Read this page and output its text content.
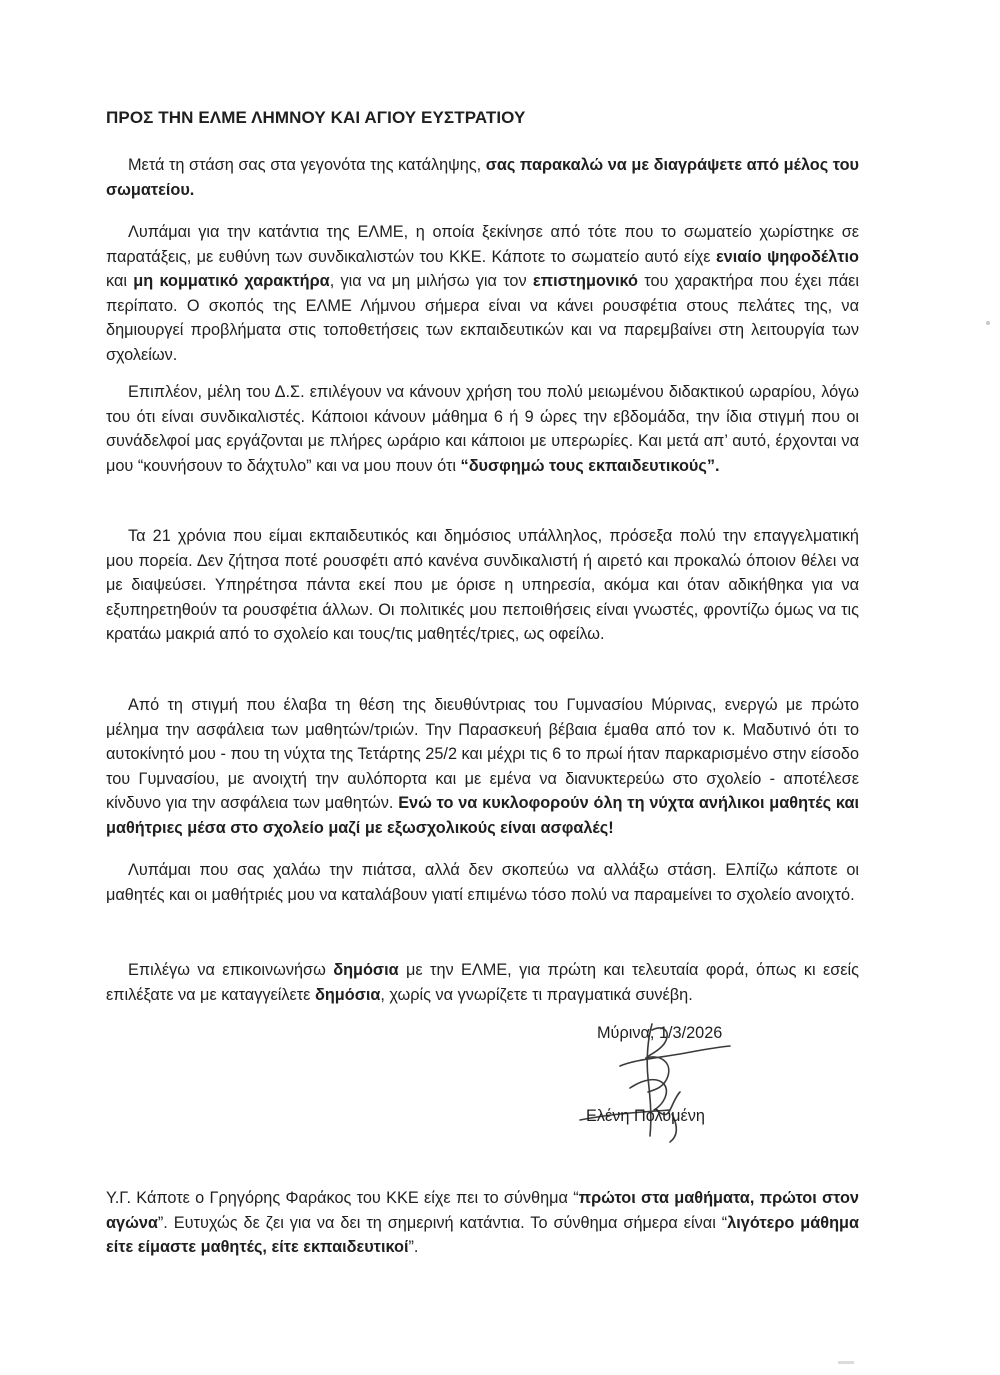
ΠΡΟΣ ΤΗΝ ΕΛΜΕ ΛΗΜΝΟΥ ΚΑΙ ΑΓΙΟΥ ΕΥΣΤΡΑΤΙΟΥ

Μετά τη στάση σας στα γεγονότα της κατάληψης, σας παρακαλώ να με διαγράψετε από μέλος του σωματείου.

Λυπάμαι για την κατάντια της ΕΛΜΕ, η οποία ξεκίνησε από τότε που το σωματείο χωρίστηκε σε παρατάξεις, με ευθύνη των συνδικαλιστών του ΚΚΕ. Κάποτε το σωματείο αυτό είχε ενιαίο ψηφοδέλτιο και μη κομματικό χαρακτήρα, για να μη μιλήσω για τον επιστημονικό του χαρακτήρα που έχει πάει περίπατο. Ο σκοπός της ΕΛΜΕ Λήμνου σήμερα είναι να κάνει ρουσφέτια στους πελάτες της, να δημιουργεί προβλήματα στις τοποθετήσεις των εκπαιδευτικών και να παρεμβαίνει στη λειτουργία των σχολείων.

Επιπλέον, μέλη του Δ.Σ. επιλέγουν να κάνουν χρήση του πολύ μειωμένου διδακτικού ωραρίου, λόγω του ότι είναι συνδικαλιστές. Κάποιοι κάνουν μάθημα 6 ή 9 ώρες την εβδομάδα, την ίδια στιγμή που οι συνάδελφοί μας εργάζονται με πλήρες ωράριο και κάποιοι με υπερωρίες. Και μετά απ’ αυτό, έρχονται να μου “κουνήσουν το δάχτυλο” και να μου πουν ότι “δυσφημώ τους εκπαιδευτικούς”.

Τα 21 χρόνια που είμαι εκπαιδευτικός και δημόσιος υπάλληλος, πρόσεξα πολύ την επαγγελματική μου πορεία. Δεν ζήτησα ποτέ ρουσφέτι από κανένα συνδικαλιστή ή αιρετό και προκαλώ όποιον θέλει να με διαψεύσει. Υπηρέτησα πάντα εκεί που με όρισε η υπηρεσία, ακόμα και όταν αδικήθηκα για να εξυπηρετηθούν τα ρουσφέτια άλλων. Οι πολιτικές μου πεποιθήσεις είναι γνωστές, φροντίζω όμως να τις κρατάω μακριά από το σχολείο και τους/τις μαθητές/τριες, ως οφείλω.

Από τη στιγμή που έλαβα τη θέση της διευθύντριας του Γυμνασίου Μύρινας, ενεργώ με πρώτο μέλημα την ασφάλεια των μαθητών/τριών. Την Παρασκευή βέβαια έμαθα από τον κ. Μαδυτινό ότι το αυτοκίνητό μου - που τη νύχτα της Τετάρτης 25/2 και μέχρι τις 6 το πρωί ήταν παρκαρισμένο στην είσοδο του Γυμνασίου, με ανοιχτή την αυλόπορτα και με εμένα να διανυκτερεύω στο σχολείο - αποτέλεσε κίνδυνο για την ασφάλεια των μαθητών. Ενώ το να κυκλοφορούν όλη τη νύχτα ανήλικοι μαθητές και μαθήτριες μέσα στο σχολείο μαζί με εξωσχολικούς είναι ασφαλές!

Λυπάμαι που σας χαλάω την πιάτσα, αλλά δεν σκοπεύω να αλλάξω στάση. Ελπίζω κάποτε οι μαθητές και οι μαθήτριές μου να καταλάβουν γιατί επιμένω τόσο πολύ να παραμείνει το σχολείο ανοιχτό.

Επιλέγω να επικοινωνήσω δημόσια με την ΕΛΜΕ, για πρώτη και τελευταία φορά, όπως κι εσείς επιλέξατε να με καταγγείλετε δημόσια, χωρίς να γνωρίζετε τι πραγματικά συνέβη.

Μύρινα, 1/3/2026

Ελένη Πολυμένη

Υ.Γ. Κάποτε ο Γρηγόρης Φαράκος του ΚΚΕ είχε πει το σύνθημα “πρώτοι στα μαθήματα, πρώτοι στον αγώνα”. Ευτυχώς δε ζει για να δει τη σημερινή κατάντια. Το σύνθημα σήμερα είναι “λιγότερο μάθημα είτε είμαστε μαθητές, είτε εκπαιδευτικοί”.
